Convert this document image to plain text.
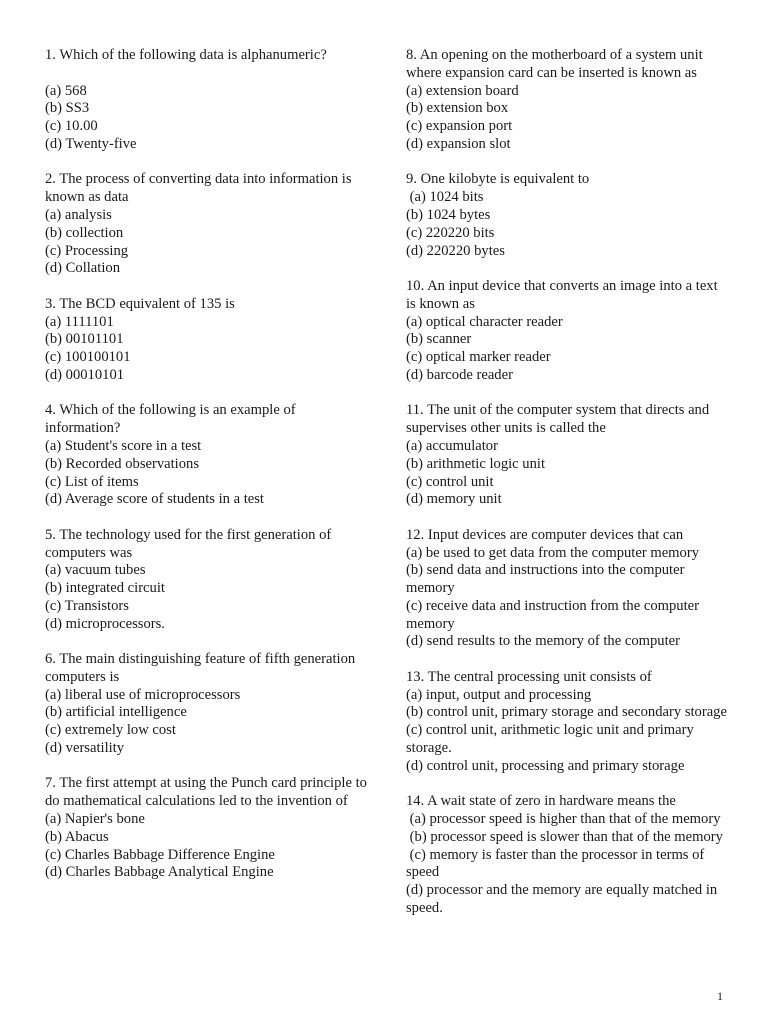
1. Which of the following data is alphanumeric?
(a) 568
(b) SS3
(c) 10.00
(d) Twenty-five
2. The process of converting data into information is known as data
(a) analysis
(b) collection
(c) Processing
(d) Collation
3. The BCD equivalent of 135 is
(a) 1111101
(b) 00101101
(c) 100100101
(d) 00010101
4. Which of the following is an example of information?
(a) Student's score in a test
(b) Recorded observations
(c) List of items
(d) Average score of students in a test
5. The technology used for the first generation of computers was
(a) vacuum tubes
(b) integrated circuit
(c) Transistors
(d) microprocessors.
6. The main distinguishing feature of fifth generation computers is
(a) liberal use of microprocessors
(b) artificial intelligence
(c) extremely low cost
(d) versatility
7. The first attempt at using the Punch card principle to do mathematical calculations led to the invention of
(a) Napier's bone
(b) Abacus
(c) Charles Babbage Difference Engine
(d) Charles Babbage Analytical Engine
8. An opening on the motherboard of a system unit where expansion card can be inserted is known as
(a) extension board
(b) extension box
(c) expansion port
(d) expansion slot
9. One kilobyte is equivalent to
(a) 1024 bits
(b) 1024 bytes
(c) 220220 bits
(d) 220220 bytes
10. An input device that converts an image into a text is known as
(a) optical character reader
(b) scanner
(c) optical marker reader
(d) barcode reader
11. The unit of the computer system that directs and supervises other units is called the
(a) accumulator
(b) arithmetic logic unit
(c) control unit
(d) memory unit
12. Input devices are computer devices that can
(a) be used to get data from the computer memory
(b) send data and instructions into the computer memory
(c) receive data and instruction from the computer memory
(d) send results to the memory of the computer
13. The central processing unit consists of
(a) input, output and processing
(b) control unit, primary storage and secondary storage
(c) control unit, arithmetic logic unit and primary storage.
(d) control unit, processing and primary storage
14. A wait state of zero in hardware means the
(a) processor speed is higher than that of the memory
(b) processor speed is slower than that of the memory
(c) memory is faster than the processor in terms of speed
(d) processor and the memory are equally matched in speed.
1
